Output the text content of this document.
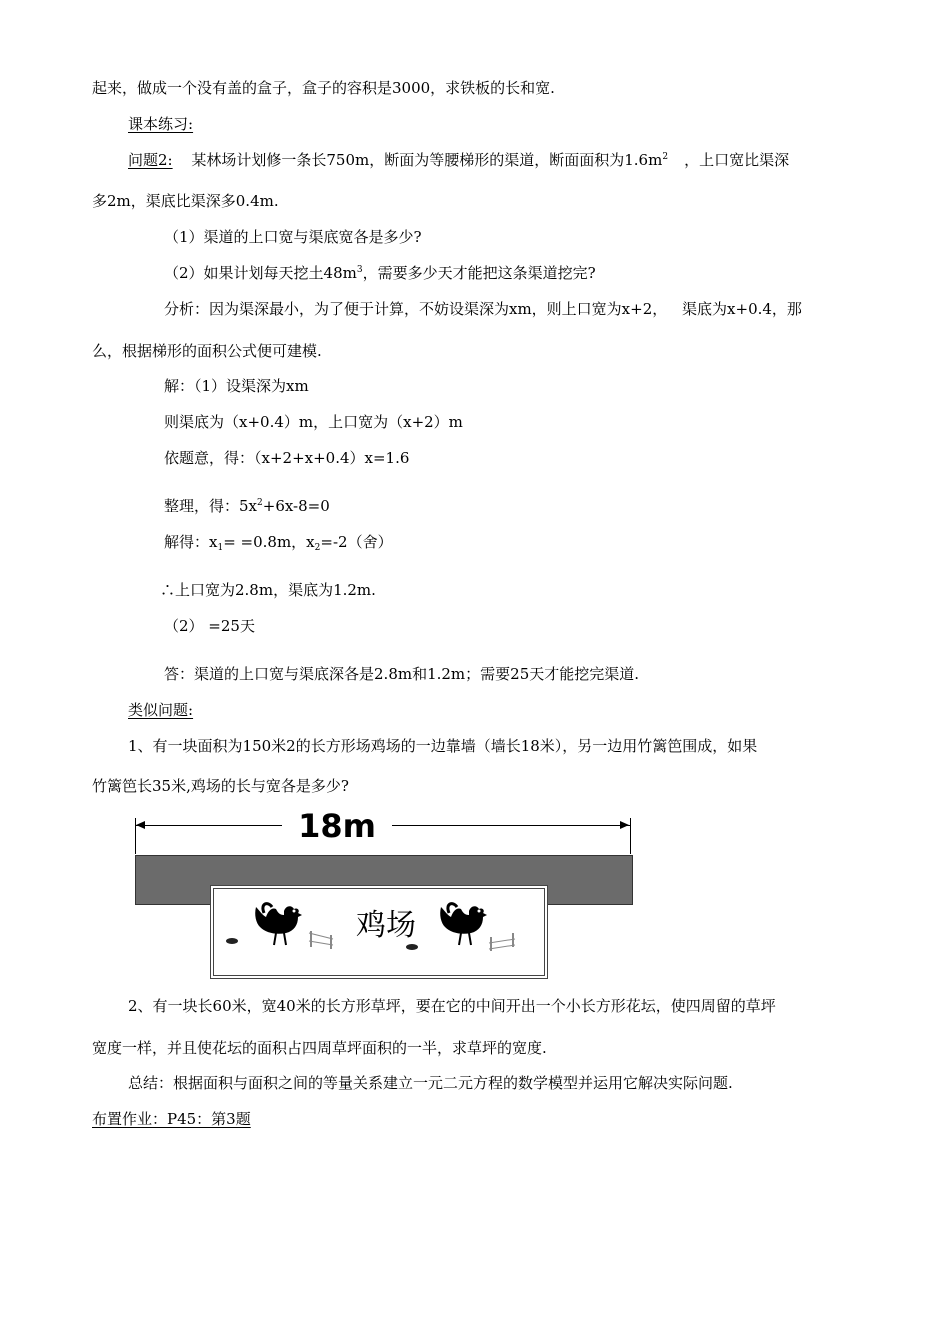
起来，做成一个没有盖的盒子，盒子的容积是3000，求铁板的长和宽.
课本练习:
问题2: 某林场计划修一条长750m，断面为等腰梯形的渠道，断面面积为$1.6m^2$ ，上口宽比渠深
多2m，渠底比渠深多0.4m.
（1）渠道的上口宽与渠底宽各是多少?
（2）如果计划每天挖土$48m^3$，需要多少天才能把这条渠道挖完?
分析：因为渠深最小，为了便于计算，不妨设渠深为xm，则上口宽为x+2， 渠底为x+0.4，那
么，根据梯形的面积公式便可建模.
解：（1）设渠深为xm
则渠底为（x+0.4）m，上口宽为（x+2）m
依题意，得：（x+2+x+0.4）x=1.6
整理，得：$5x^2+6x-8=0$
解得：$x_1= =0.8m$，$x_2=-2$（舍）
∴上口宽为2.8m，渠底为1.2m.
（2） =25天
答：渠道的上口宽与渠底深各是2.8m和1.2m；需要25天才能挖完渠道.
类似问题:
1、有一块面积为150米2的长方形场鸡场的一边靠墙（墙长18米），另一边用竹篱笆围成，如果
竹篱笆长35米,鸡场的长与宽各是多少?
18m
鸡场
2、有一块长60米，宽40米的长方形草坪，要在它的中间开出一个小长方形花坛，使四周留的草坪
宽度一样，并且使花坛的面积占四周草坪面积的一半，求草坪的宽度.
总结：根据面积与面积之间的等量关系建立一元二元方程的数学模型并运用它解决实际问题.
布置作业：P45：第3题
